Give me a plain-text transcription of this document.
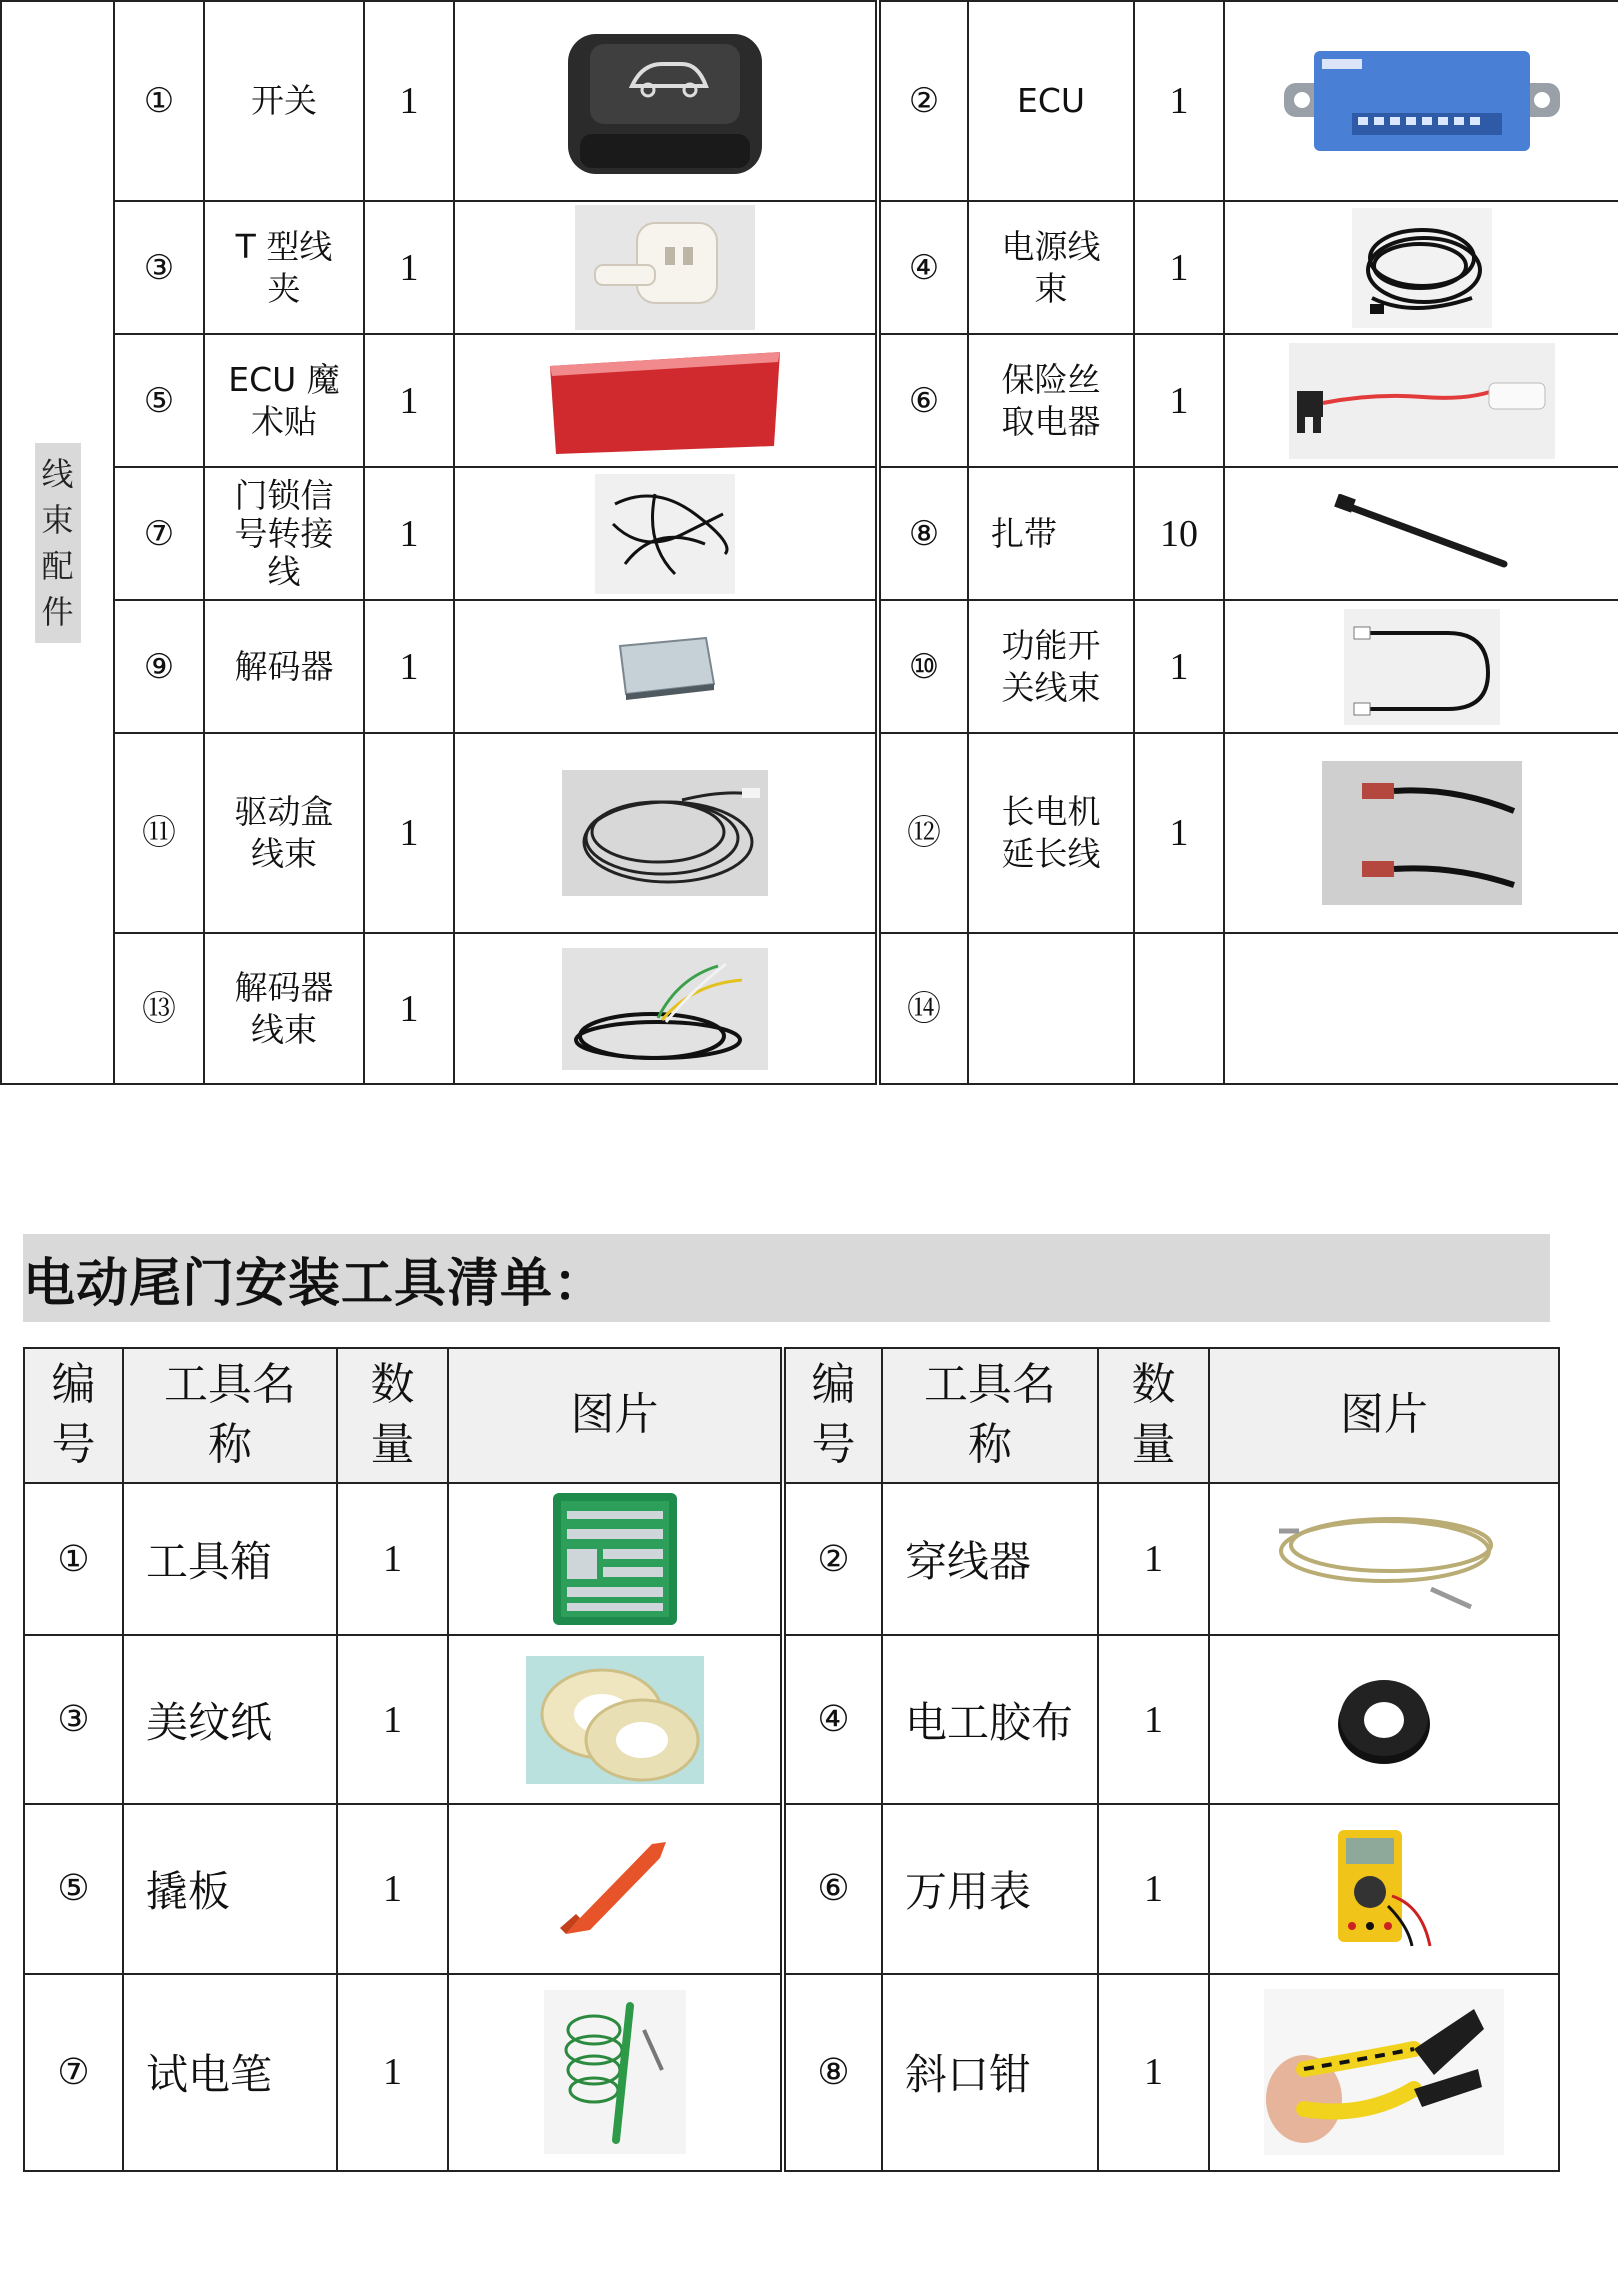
线
束
配
件	①	开关	1		②	ECU	1	

	③	T 型线
夹	1		④	电源线
束	1	

	⑤	ECU 魔
术贴	1		⑥	保险丝
取电器	1	

	⑦	门锁信
号转接
线	1		⑧	扎带	10	

	⑨	解码器	1		⑩	功能开
关线束	1	

	⑪	驱动盒
线束	1		⑫	长电机
延长线	1	

	⑬	解码器
线束	1		⑭			
电动尾门安装工具清单：
编
号	工具名
称	数
量	图片	编
号	工具名
称	数
量	图片
①	工具箱	1		②	穿线器	1	

③	美纹纸	1		④	电工胶布	1	

⑤	撬板	1		⑥	万用表	1	

⑦	试电笔	1		⑧	斜口钳	1	
